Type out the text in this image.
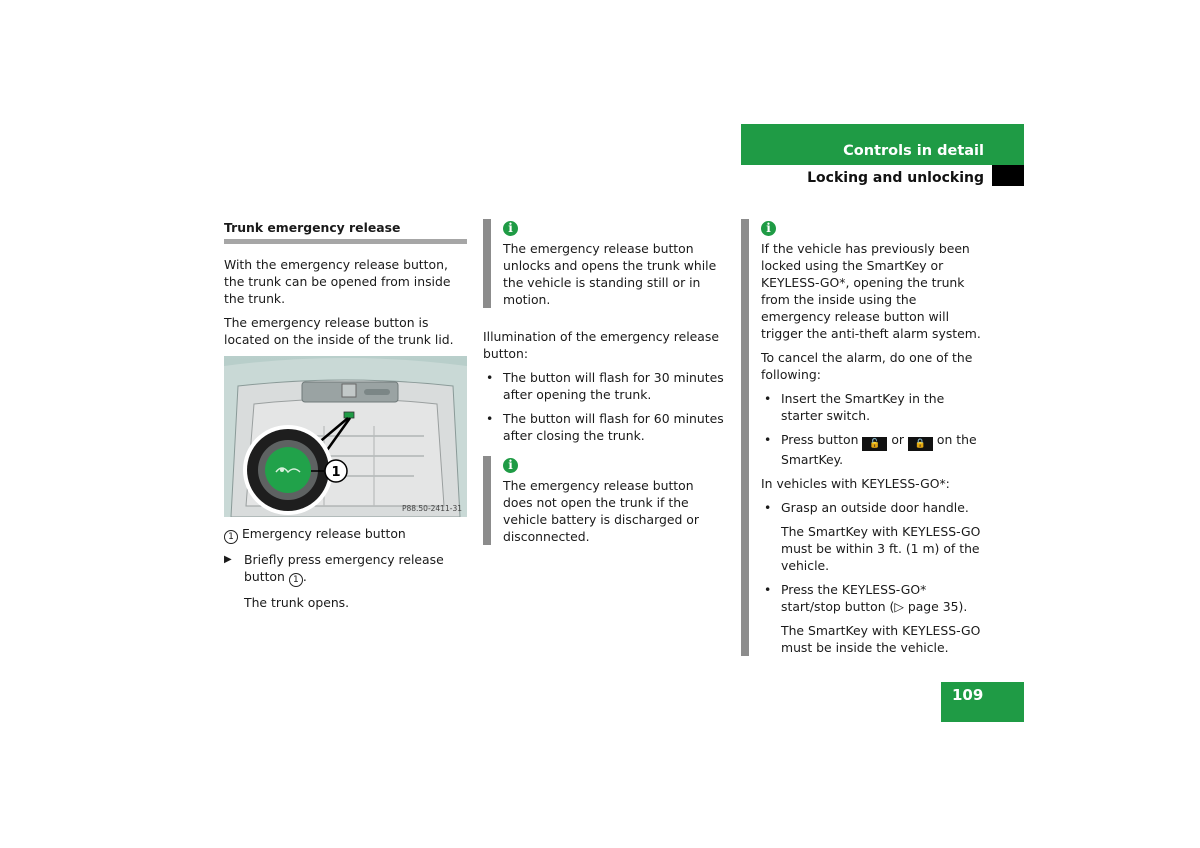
Controls in detail
Locking and unlocking
Trunk emergency release

With the emergency release button, the trunk can be opened from inside the trunk.

The emergency release button is located on the inside of the trunk lid.

1
P88.50-2411-31

1 Emergency release button

▶ Briefly press emergency release button 1 .

The trunk opens.

i
The emergency release button unlocks and opens the trunk while the vehicle is standing still or in motion.

Illumination of the emergency release button:

• The button will flash for 30 minutes after opening the trunk.
• The button will flash for 60 minutes after closing the trunk.
i
The emergency release button does not open the trunk if the vehicle battery is discharged or disconnected.
i

If the vehicle has previously been locked using the SmartKey or KEYLESS-GO*, opening the trunk from the inside using the emergency release button will trigger the anti-theft alarm system.

To cancel the alarm, do one of the following:

• Insert the SmartKey in the starter switch.
• Press button 🔓 or 🔒 on the SmartKey.

In vehicles with KEYLESS-GO*:

• Grasp an outside door handle.

The SmartKey with KEYLESS-GO must be within 3 ft. (1 m) of the vehicle.

• Press the KEYLESS-GO* start/stop button (▷ page 35).

The SmartKey with KEYLESS-GO must be inside the vehicle.

109
